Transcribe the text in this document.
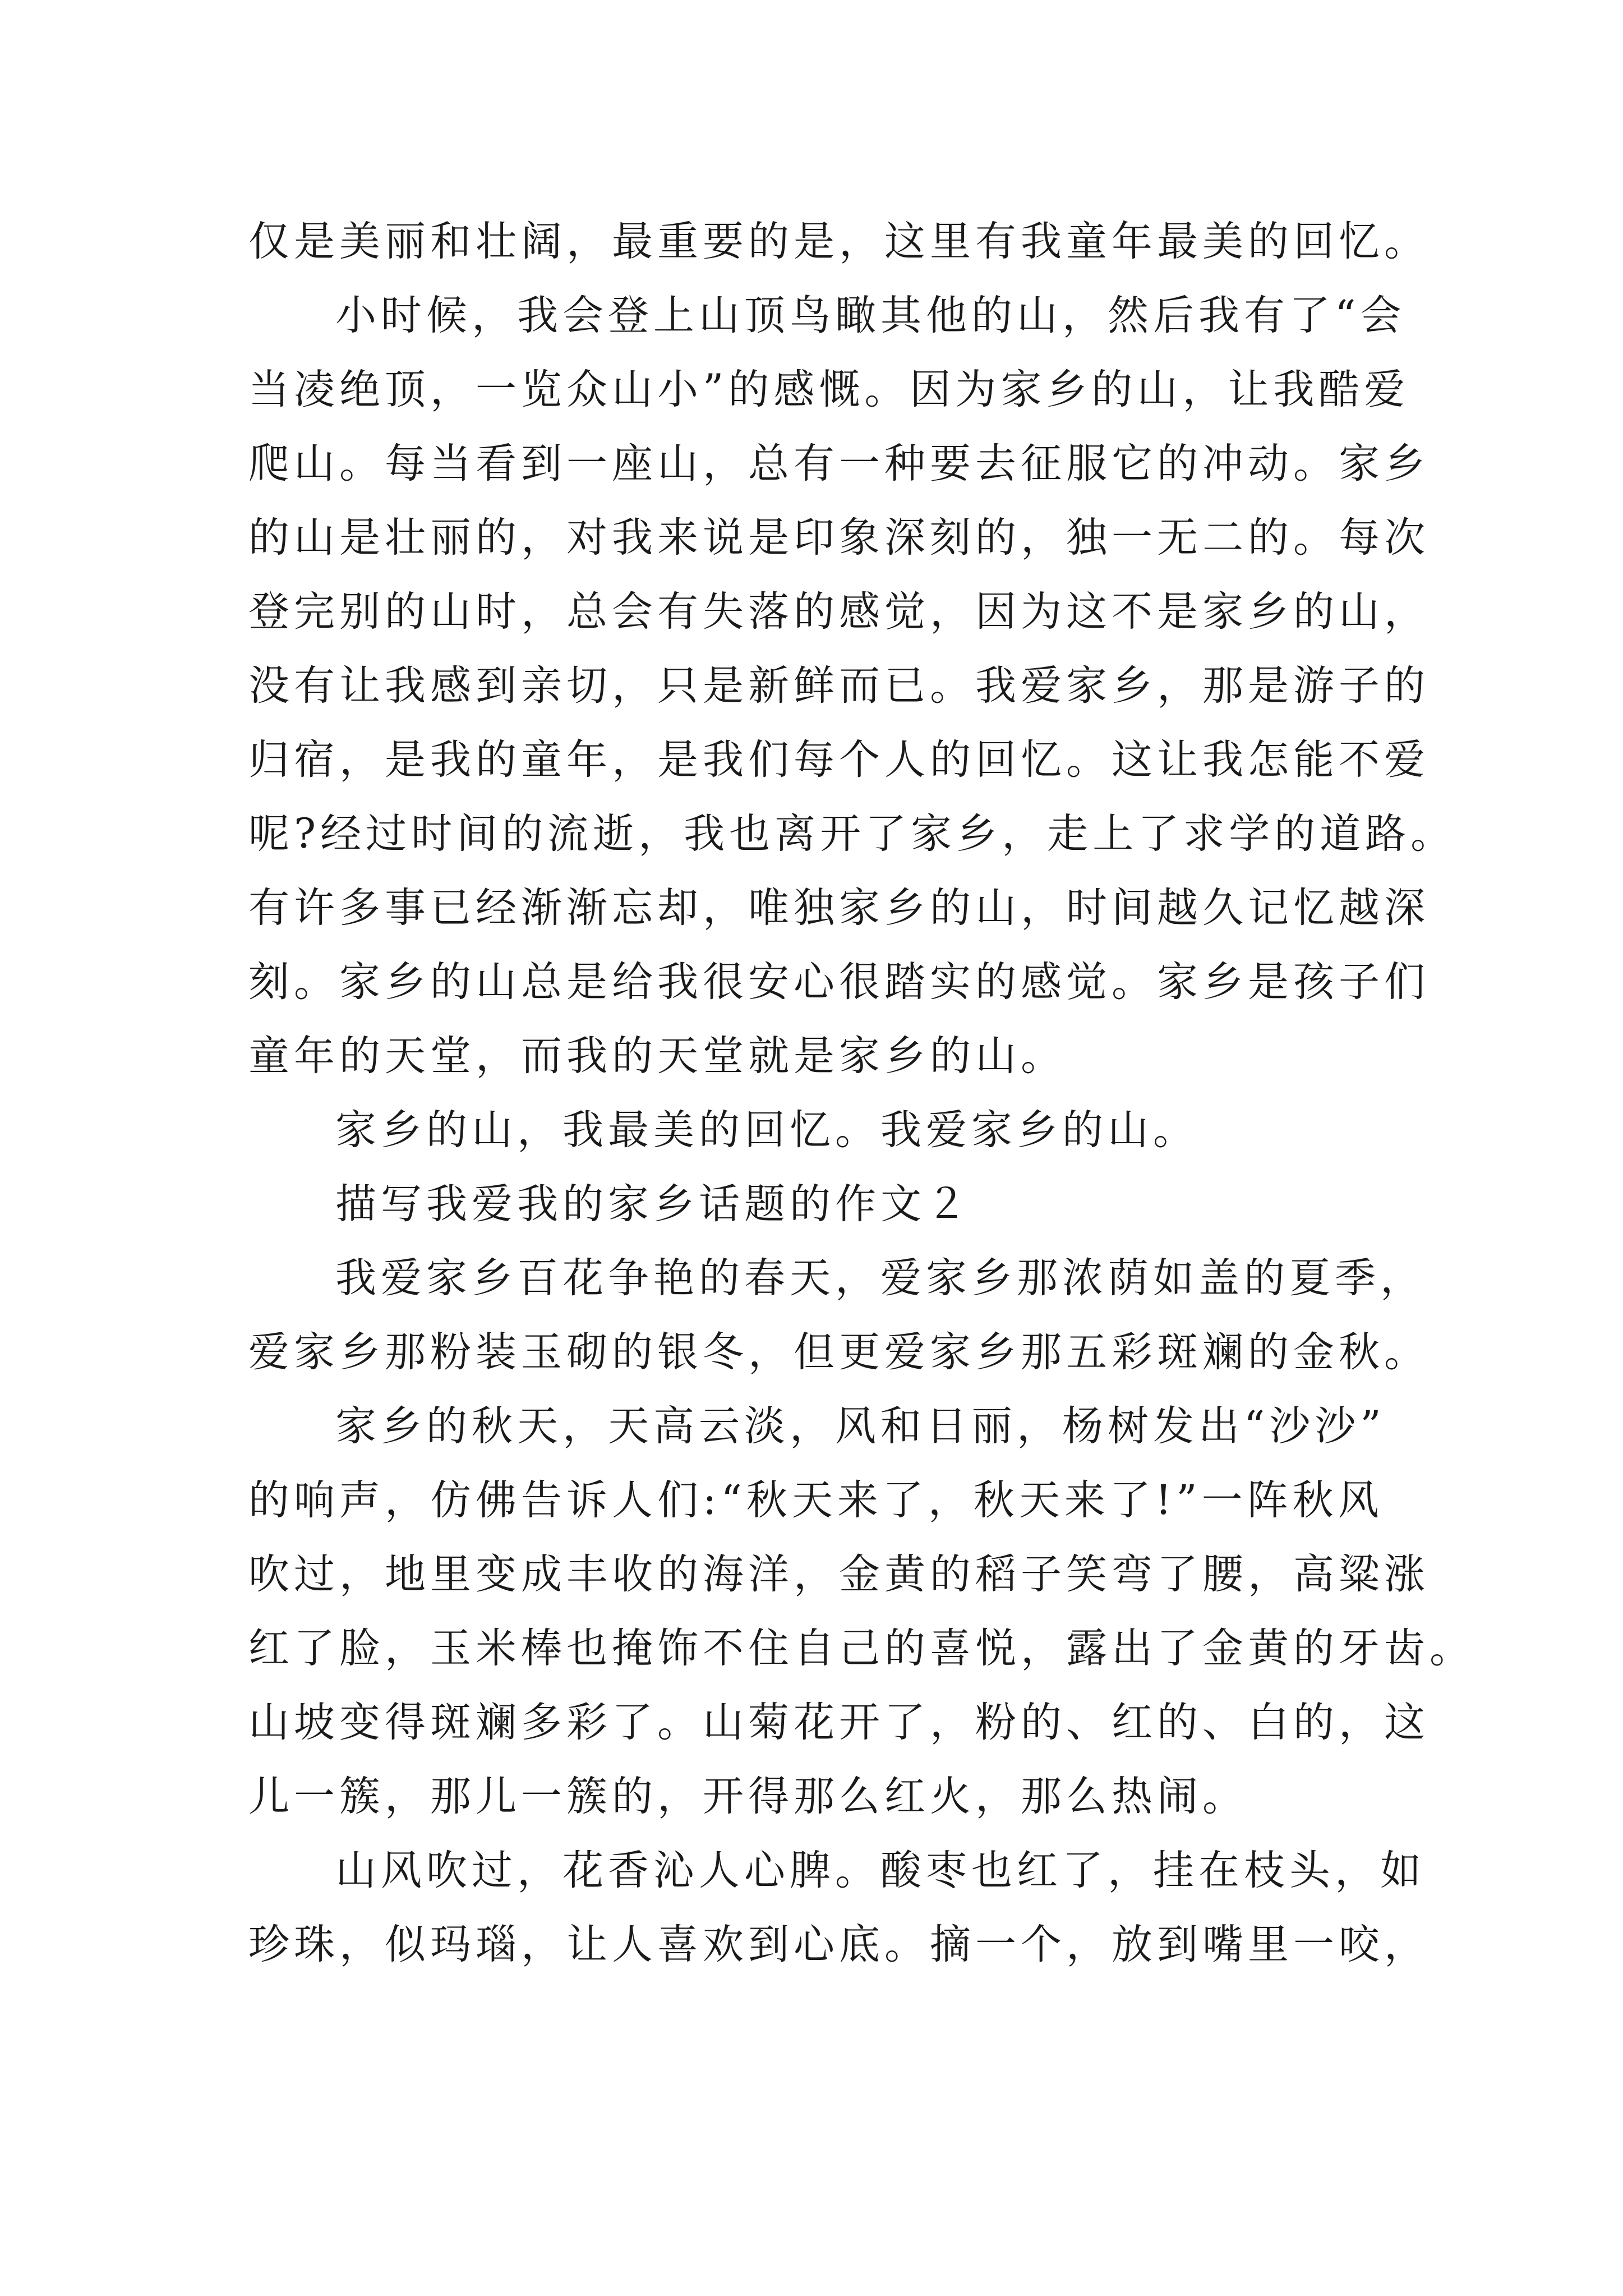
仅是美丽和壮阔，最重要的是，这里有我童年最美的回忆。
小时候，我会登上山顶鸟瞰其他的山，然后我有了“会
当凌绝顶，一览众山小”的感慨。因为家乡的山，让我酷爱
爬山。每当看到一座山，总有一种要去征服它的冲动。家乡
的山是壮丽的，对我来说是印象深刻的，独一无二的。每次
登完别的山时，总会有失落的感觉，因为这不是家乡的山，
没有让我感到亲切，只是新鲜而已。我爱家乡，那是游子的
归宿，是我的童年，是我们每个人的回忆。这让我怎能不爱
呢?经过时间的流逝，我也离开了家乡，走上了求学的道路。
有许多事已经渐渐忘却，唯独家乡的山，时间越久记忆越深
刻。家乡的山总是给我很安心很踏实的感觉。家乡是孩子们
童年的天堂，而我的天堂就是家乡的山。
家乡的山，我最美的回忆。我爱家乡的山。
描写我爱我的家乡话题的作文２
我爱家乡百花争艳的春天，爱家乡那浓荫如盖的夏季，
爱家乡那粉装玉砌的银冬，但更爱家乡那五彩斑斓的金秋。
家乡的秋天，天高云淡，风和日丽，杨树发出“沙沙”
的响声，仿佛告诉人们:“秋天来了，秋天来了!”一阵秋风
吹过，地里变成丰收的海洋，金黄的稻子笑弯了腰，高粱涨
红了脸，玉米棒也掩饰不住自己的喜悦，露出了金黄的牙齿。
山坡变得斑斓多彩了。山菊花开了，粉的、红的、白的，这
儿一簇，那儿一簇的，开得那么红火，那么热闹。
山风吹过，花香沁人心脾。酸枣也红了，挂在枝头，如
珍珠，似玛瑙，让人喜欢到心底。摘一个，放到嘴里一咬，
